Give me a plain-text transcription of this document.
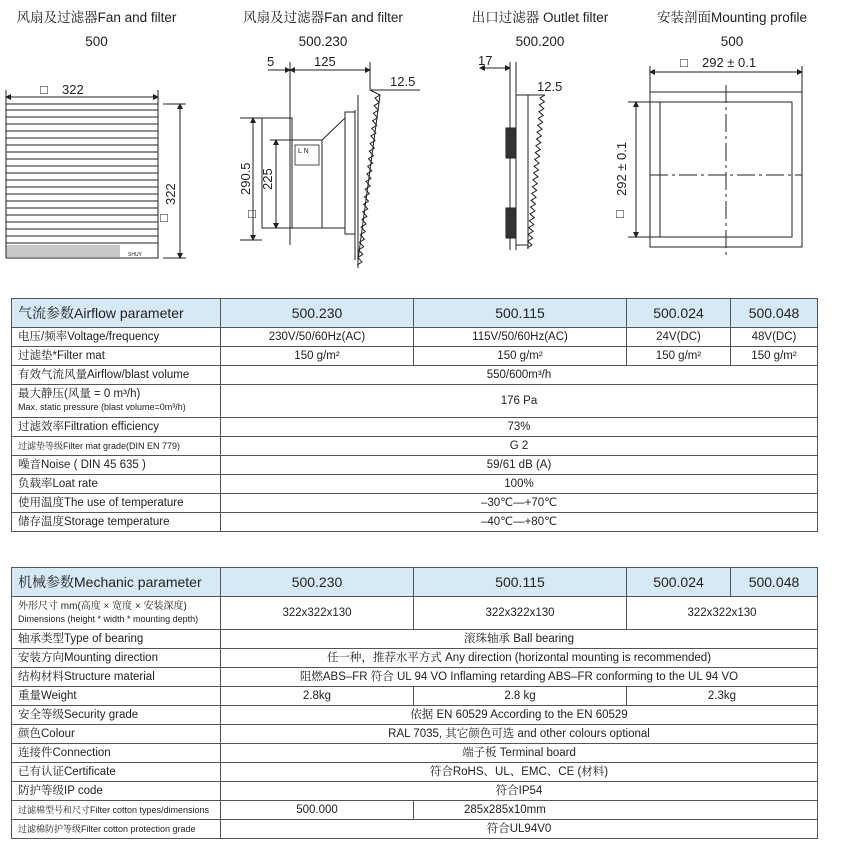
风扇及过滤器Fan and filter
500
风扇及过滤器Fan and filter
500.230
出口过滤器 Outlet filter
500.200
安装剖面Mounting profile
500
□ 322
322
□
SHUY
5	125
12.5
290.5 225
□
L N
17
12.5
□ 292 ± 0.1
292 ± 0.1
□
气流参数Airflow parameter	500.230	500.115	500.024	500.048
电压/频率Voltage/frequency	230V/50/60Hz(AC)	115V/50/60Hz(AC)	24V(DC)	48V(DC)
过滤垫*Filter mat	150 g/m²	150 g/m²	150 g/m²	150 g/m²
有效气流风量Airflow/blast volume	550/600m³/h			

最大静压(风量 = 0 m³/h)
Max. static pressure (blast volume=0m³/h)	176 Pa			
过滤效率Filtration efficiency	73%			
过滤垫等级Filter mat grade(DIN EN 779)	G 2			
噪音Noise ( DIN 45 635 )	59/61 dB (A)			
负载率Loat rate	100%			
使用温度The use of temperature	–30℃—+70℃			
储存温度Storage temperature	–40℃—+80℃			
机械参数Mechanic parameter	500.230	500.115	500.024	500.048

外形尺寸 mm(高度 × 宽度 × 安装深度)
Dimensions (height * width * mounting depth)	322x322x130	322x322x130	322x322x130	
轴承类型Type of bearing	滚珠轴承 Ball bearing			
安装方向Mounting direction	任一种，推荐水平方式 Any direction (horizontal mounting is recommended)			
结构材料Structure material	阻燃ABS–FR 符合 UL 94 VO Inflaming retarding ABS–FR conforming to the UL 94 VO			
重量Weight	2.8kg	2.8 kg	2.3kg	
安全等级Security grade	依据 EN 60529 According to the EN 60529			
颜色Colour	RAL 7035, 其它颜色可选 and other colours optional			
连接件Connection	端子板 Terminal board			
已有认证Certificate	符合RoHS、UL、EMC、CE (材料)			
防护等级IP code	符合IP54			
过滤棉型号和尺寸Filter cotton types/dimensions	500.000	285x285x10mm		
过滤棉防护等级Filter cotton protection grade	符合UL94V0			
